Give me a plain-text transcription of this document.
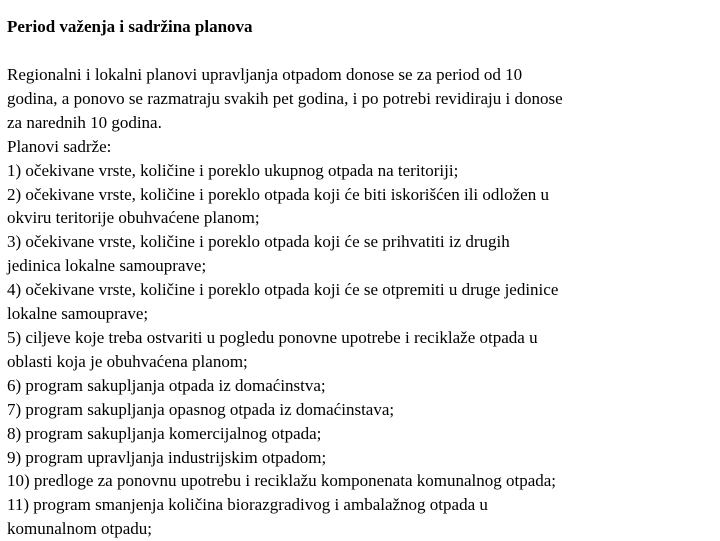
Period važenja i sadržina planova
Regionalni i lokalni planovi upravljanja otpadom donose se za period od 10
godina, a ponovo se razmatraju svakih pet godina, i po potrebi revidiraju i donose
za narednih 10 godina.
Planovi sadrže:
1) očekivane vrste, količine i poreklo ukupnog otpada na teritoriji;
2) očekivane vrste, količine i poreklo otpada koji će biti iskorišćen ili odložen u
okviru teritorije obuhvaćene planom;
3) očekivane vrste, količine i poreklo otpada koji će se prihvatiti iz drugih
jedinica lokalne samouprave;
4) očekivane vrste, količine i poreklo otpada koji će se otpremiti u druge jedinice
lokalne samouprave;
5) ciljeve koje treba ostvariti u pogledu ponovne upotrebe i reciklaže otpada u
oblasti koja je obuhvaćena planom;
6) program sakupljanja otpada iz domaćinstva;
7) program sakupljanja opasnog otpada iz domaćinstava;
8) program sakupljanja komercijalnog otpada;
9) program upravljanja industrijskim otpadom;
10) predloge za ponovnu upotrebu i reciklažu komponenata komunalnog otpada;
11) program smanjenja količina biorazgradivog i ambalažnog otpada u
komunalnom otpadu;
